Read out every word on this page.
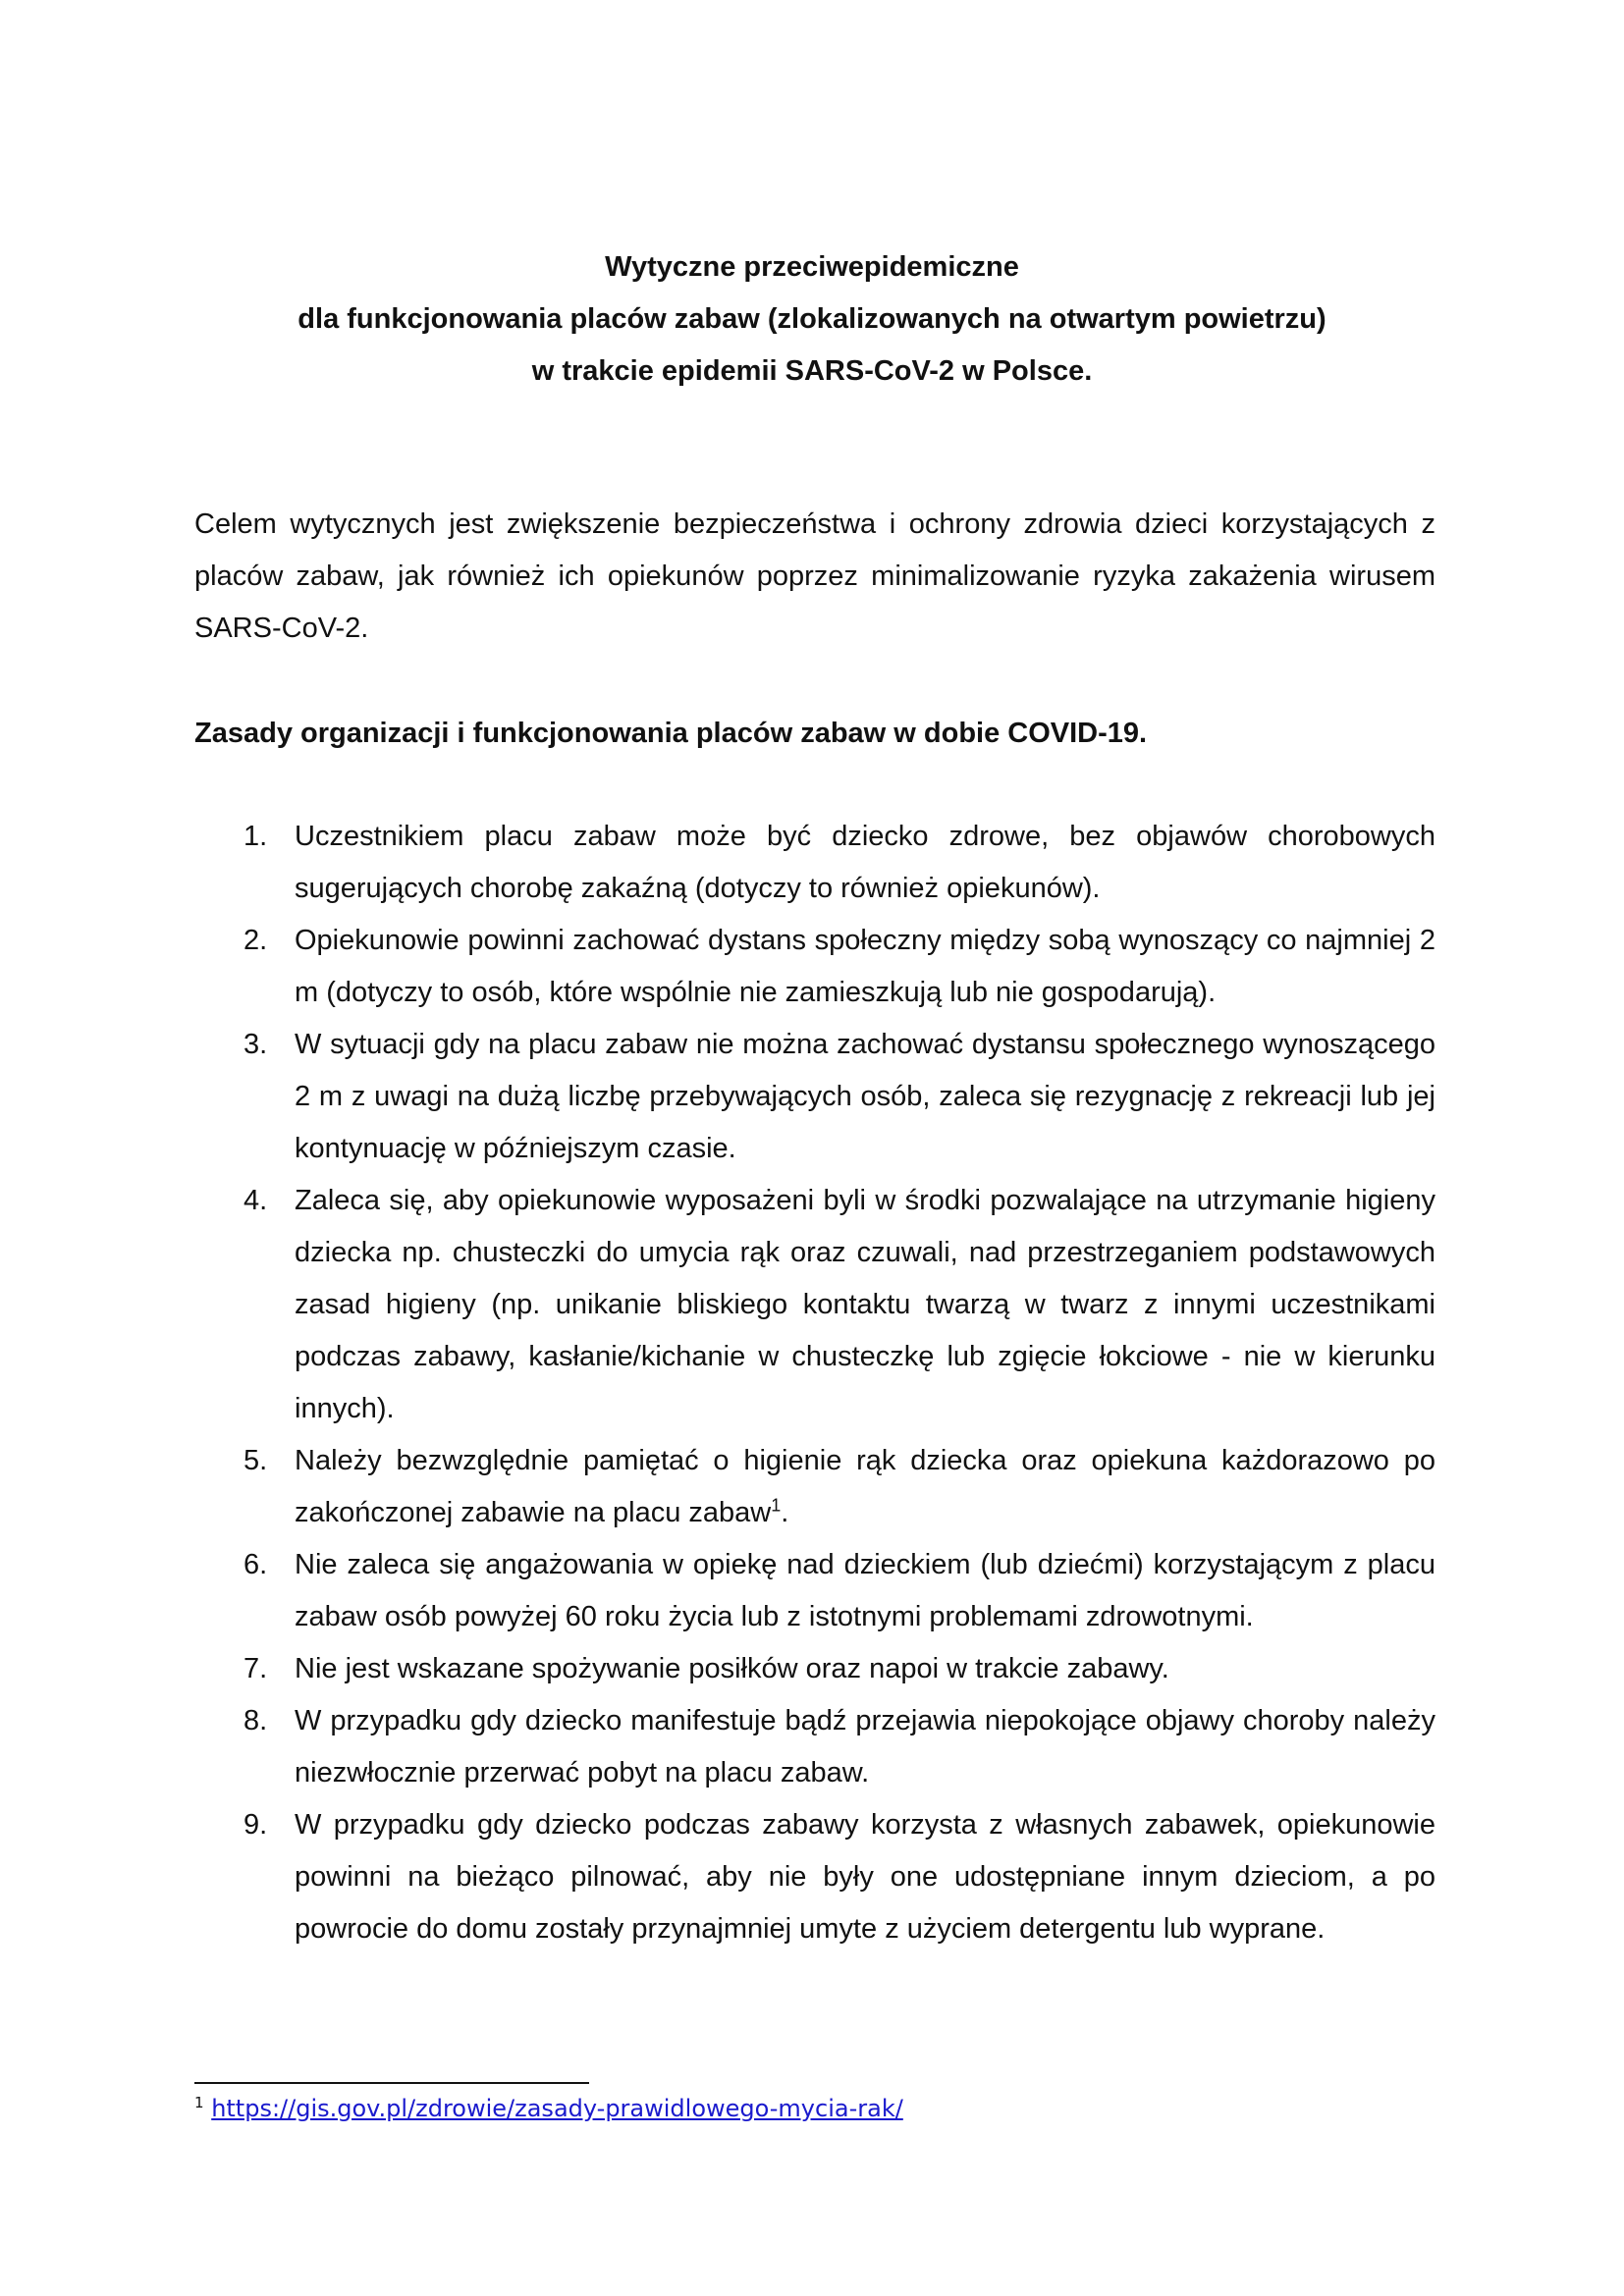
Wytyczne przeciwepidemiczne
dla funkcjonowania placów zabaw (zlokalizowanych na otwartym powietrzu)
w trakcie epidemii SARS-CoV-2 w Polsce.

Celem wytycznych jest zwiększenie bezpieczeństwa i ochrony zdrowia dzieci korzystających z placów zabaw, jak również ich opiekunów poprzez minimalizowanie ryzyka zakażenia wirusem SARS-CoV-2.

Zasady organizacji i funkcjonowania placów zabaw w dobie COVID-19.
1. Uczestnikiem placu zabaw może być dziecko zdrowe, bez objawów chorobowych sugerujących chorobę zakaźną (dotyczy to również opiekunów).
2. Opiekunowie powinni zachować dystans społeczny między sobą wynoszący co najmniej 2 m (dotyczy to osób, które wspólnie nie zamieszkują lub nie gospodarują).
3. W sytuacji gdy na placu zabaw nie można zachować dystansu społecznego wynoszącego 2 m z uwagi na dużą liczbę przebywających osób, zaleca się rezygnację z rekreacji lub jej kontynuację w późniejszym czasie.
4. Zaleca się, aby opiekunowie wyposażeni byli w środki pozwalające na utrzymanie higieny dziecka np. chusteczki do umycia rąk oraz czuwali, nad przestrzeganiem podstawowych zasad higieny (np. unikanie bliskiego kontaktu twarzą w twarz z innymi uczestnikami podczas zabawy, kasłanie/kichanie w chusteczkę lub zgięcie łokciowe - nie w kierunku innych).
5. Należy bezwzględnie pamiętać o higienie rąk dziecka oraz opiekuna każdorazowo po zakończonej zabawie na placu zabaw$^1$.
6. Nie zaleca się angażowania w opiekę nad dzieckiem (lub dziećmi) korzystającym z placu zabaw osób powyżej 60 roku życia lub z istotnymi problemami zdrowotnymi.
7. Nie jest wskazane spożywanie posiłków oraz napoi w trakcie zabawy.
8. W przypadku gdy dziecko manifestuje bądź przejawia niepokojące objawy choroby należy niezwłocznie przerwać pobyt na placu zabaw.
9. W przypadku gdy dziecko podczas zabawy korzysta z własnych zabawek, opiekunowie powinni na bieżąco pilnować, aby nie były one udostępniane innym dzieciom, a po powrocie do domu zostały przynajmniej umyte z użyciem detergentu lub wyprane.
$^1$ https://gis.gov.pl/zdrowie/zasady-prawidlowego-mycia-rak/
